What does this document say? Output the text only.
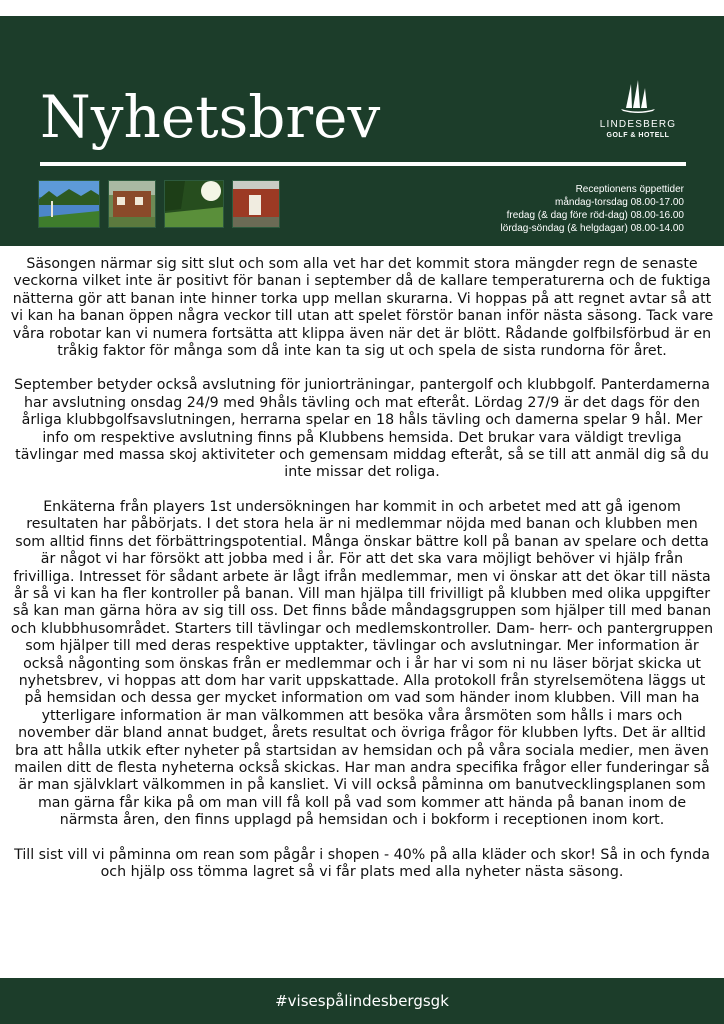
Nyhetsbrev	LINDESBERG
GOLF & HOTELL
Receptionens öppettider
måndag-torsdag 08.00-17.00
fredag (& dag före röd-dag) 08.00-16.00
lördag-söndag (& helgdagar) 08.00-14.00

Säsongen närmar sig sitt slut och som alla vet har det kommit stora mängder regn de senaste veckorna vilket inte är positivt för banan i september då de kallare temperaturerna och de fuktiga nätterna gör att banan inte hinner torka upp mellan skurarna. Vi hoppas på att regnet avtar så att vi kan ha banan öppen några veckor till utan att spelet förstör banan inför nästa säsong. Tack vare våra robotar kan vi numera fortsätta att klippa även när det är blött. Rådande golfbilsförbud är en tråkig faktor för många som då inte kan ta sig ut och spela de sista rundorna för året.

September betyder också avslutning för juniorträningar, pantergolf och klubbgolf. Panterdamerna har avslutning onsdag 24/9 med 9håls tävling och mat efteråt. Lördag 27/9 är det dags för den årliga klubbgolfsavslutningen, herrarna spelar en 18 håls tävling och damerna spelar 9 hål. Mer info om respektive avslutning finns på Klubbens hemsida. Det brukar vara väldigt trevliga tävlingar med massa skoj aktiviteter och gemensam middag efteråt, så se till att anmäl dig så du inte missar det roliga.

Enkäterna från players 1st undersökningen har kommit in och arbetet med att gå igenom resultaten har påbörjats. I det stora hela är ni medlemmar nöjda med banan och klubben men som alltid finns det förbättringspotential. Många önskar bättre koll på banan av spelare och detta är något vi har försökt att jobba med i år. För att det ska vara möjligt behöver vi hjälp från frivilliga. Intresset för sådant arbete är lågt ifrån medlemmar, men vi önskar att det ökar till nästa år så vi kan ha fler kontroller på banan. Vill man hjälpa till frivilligt på klubben med olika uppgifter så kan man gärna höra av sig till oss. Det finns både måndagsgruppen som hjälper till med banan och klubbhusområdet. Starters till tävlingar och medlemskontroller. Dam- herr- och pantergruppen som hjälper till med deras respektive upptakter, tävlingar och avslutningar. Mer information är också någonting som önskas från er medlemmar och i år har vi som ni nu läser börjat skicka ut nyhetsbrev, vi hoppas att dom har varit uppskattade. Alla protokoll från styrelsemötena läggs ut på hemsidan och dessa ger mycket information om vad som händer inom klubben. Vill man ha ytterligare information är man välkommen att besöka våra årsmöten som hålls i mars och november där bland annat budget, årets resultat och övriga frågor för klubben lyfts. Det är alltid bra att hålla utkik efter nyheter på startsidan av hemsidan och på våra sociala medier, men även mailen ditt de flesta nyheterna också skickas. Har man andra specifika frågor eller funderingar så är man självklart välkommen in på kansliet. Vi vill också påminna om banutvecklingsplanen som man gärna får kika på om man vill få koll på vad som kommer att hända på banan inom de närmsta åren, den finns upplagd på hemsidan och i bokform i receptionen inom kort.

Till sist vill vi påminna om rean som pågår i shopen - 40% på alla kläder och skor! Så in och fynda och hjälp oss tömma lagret så vi får plats med alla nyheter nästa säsong.

#visespålindesbergsgk
